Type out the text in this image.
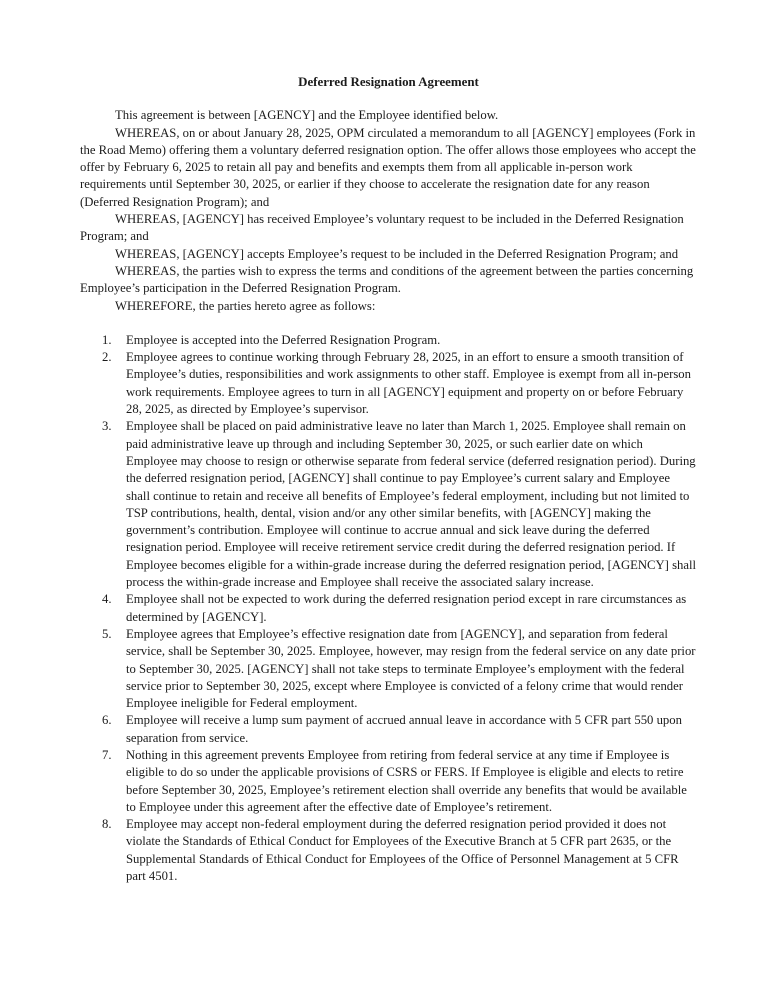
Deferred Resignation Agreement

This agreement is between [AGENCY] and the Employee identified below.

WHEREAS, on or about January 28, 2025, OPM circulated a memorandum to all [AGENCY] employees (Fork in the Road Memo) offering them a voluntary deferred resignation option. The offer allows those employees who accept the offer by February 6, 2025 to retain all pay and benefits and exempts them from all applicable in-person work requirements until September 30, 2025, or earlier if they choose to accelerate the resignation date for any reason (Deferred Resignation Program); and

WHEREAS, [AGENCY] has received Employee’s voluntary request to be included in the Deferred Resignation Program; and

WHEREAS, [AGENCY] accepts Employee’s request to be included in the Deferred Resignation Program; and

WHEREAS, the parties wish to express the terms and conditions of the agreement between the parties concerning Employee’s participation in the Deferred Resignation Program.

WHEREFORE, the parties hereto agree as follows:

1. Employee is accepted into the Deferred Resignation Program.
2. Employee agrees to continue working through February 28, 2025, in an effort to ensure a smooth transition of Employee’s duties, responsibilities and work assignments to other staff. Employee is exempt from all in-person work requirements. Employee agrees to turn in all [AGENCY] equipment and property on or before February 28, 2025, as directed by Employee’s supervisor.
3. Employee shall be placed on paid administrative leave no later than March 1, 2025. Employee shall remain on paid administrative leave up through and including September 30, 2025, or such earlier date on which Employee may choose to resign or otherwise separate from federal service (deferred resignation period). During the deferred resignation period, [AGENCY] shall continue to pay Employee’s current salary and Employee shall continue to retain and receive all benefits of Employee’s federal employment, including but not limited to TSP contributions, health, dental, vision and/or any other similar benefits, with [AGENCY] making the government’s contribution. Employee will continue to accrue annual and sick leave during the deferred resignation period. Employee will receive retirement service credit during the deferred resignation period. If Employee becomes eligible for a within-grade increase during the deferred resignation period, [AGENCY] shall process the within-grade increase and Employee shall receive the associated salary increase.
4. Employee shall not be expected to work during the deferred resignation period except in rare circumstances as determined by [AGENCY].
5. Employee agrees that Employee’s effective resignation date from [AGENCY], and separation from federal service, shall be September 30, 2025. Employee, however, may resign from the federal service on any date prior to September 30, 2025. [AGENCY] shall not take steps to terminate Employee’s employment with the federal service prior to September 30, 2025, except where Employee is convicted of a felony crime that would render Employee ineligible for Federal employment.
6. Employee will receive a lump sum payment of accrued annual leave in accordance with 5 CFR part 550 upon separation from service.
7. Nothing in this agreement prevents Employee from retiring from federal service at any time if Employee is eligible to do so under the applicable provisions of CSRS or FERS. If Employee is eligible and elects to retire before September 30, 2025, Employee’s retirement election shall override any benefits that would be available to Employee under this agreement after the effective date of Employee’s retirement.
8. Employee may accept non-federal employment during the deferred resignation period provided it does not violate the Standards of Ethical Conduct for Employees of the Executive Branch at 5 CFR part 2635, or the Supplemental Standards of Ethical Conduct for Employees of the Office of Personnel Management at 5 CFR part 4501.
